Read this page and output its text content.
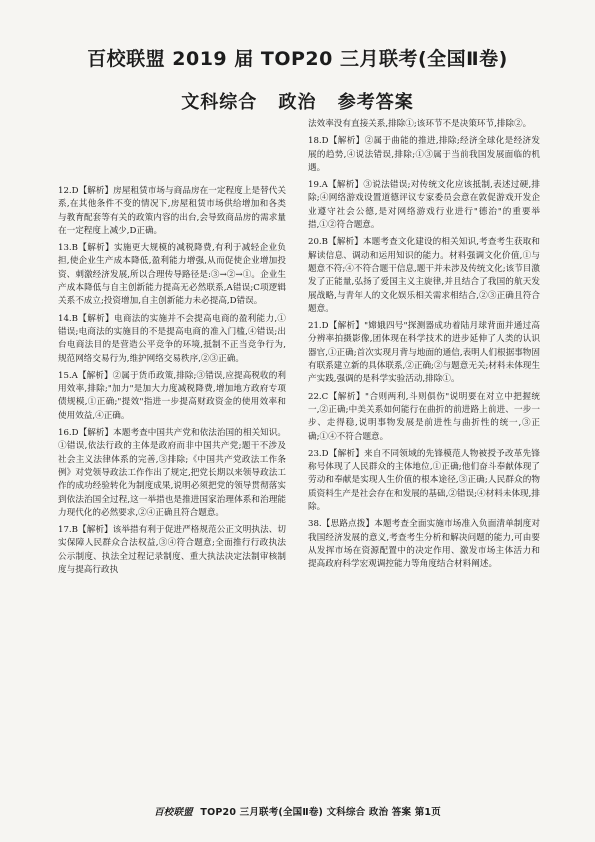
百校联盟 2019 届 TOP20 三月联考(全国Ⅱ卷)
文科综合 政治 参考答案

12.D【解析】房屋租赁市场与商品房在一定程度上是替代关系,在其他条件不变的情况下,房屋租赁市场供给增加和各类与教育配套等有关的政策内容的出台,会导致商品房的需求量在一定程度上减少,D正确。

13.B【解析】实施更大规模的减税降费,有利于减轻企业负担,使企业生产成本降低,盈利能力增强,从而促使企业增加投资、刺激经济发展,所以合理传导路径是:③→②→①。企业生产成本降低与自主创新能力提高无必然联系,A错误;C项逻辑关系不成立;投资增加,自主创新能力未必提高,D错误。

14.B【解析】电商法的实施并不会提高电商的盈利能力,①错误;电商法的实施目的不是提高电商的准入门槛,④错误;出台电商法目的是营造公平竞争的环境,抵制不正当竞争行为,规范网络交易行为,维护网络交易秩序,②③正确。

15.A【解析】②属于货币政策,排除;③错误,应提高税收的利用效率,排除;"加力"是加大力度减税降费,增加地方政府专项债规模,①正确;"提效"指进一步提高财政资金的使用效率和使用效益,④正确。

16.D【解析】本题考查中国共产党和依法治国的相关知识。①错误,依法行政的主体是政府而非中国共产党;题干不涉及社会主义法律体系的完善,③排除;《中国共产党政法工作条例》对党领导政法工作作出了规定,把党长期以来领导政法工作的成功经验转化为制度成果,说明必须把党的领导贯彻落实到依法治国全过程,这一举措也是推进国家治理体系和治理能力现代化的必然要求,②④正确且符合题意。

17.B【解析】该举措有利于促进严格规范公正文明执法、切实保障人民群众合法权益,③④符合题意;全面推行行政执法公示制度、执法全过程记录制度、重大执法决定法制审核制度与提高行政执

法效率没有直接关系,排除①;该环节不是决策环节,排除②。

18.D【解析】②属于曲能的推进,排除;经济全球化是经济发展的趋势,④说法错误,排除;①③属于当前我国发展面临的机遇。

19.A【解析】③说法错误;对传统文化应该抵制,表述过硬,排除;④网络游戏设置道德评议专家委员会意在敦促游戏开发企业遵守社会公德,是对网络游戏行业进行"德治"的重要举措,①②符合题意。

20.B【解析】本题考查文化建设的相关知识,考查考生获取和解读信息、调动和运用知识的能力。材料强调文化价值,①与题意不符;④不符合题干信息,题干并未涉及传统文化;该节目激发了正能量,弘扬了爱国主义主旋律,并且结合了我国的航天发展战略,与青年人的文化娱乐相关需求相结合,②③正确且符合题意。

21.D【解析】"嫦娥四号"探测器成功着陆月球背面并通过高分辨率拍摄影像,团体现在科学技术的进步延伸了人类的认识器官,①正确;首次实现月背与地面的通信,表明人们根据事物固有联系建立新的具体联系,②正确;②与题意无关;材料未体现生产实践,强调的是科学实验活动,排除①。

22.C【解析】"合则两利,斗则俱伤"说明要在对立中把握统一,②正确;中美关系如何能行在曲折的前进路上前进、一步一步、走得稳,说明事物发展是前进性与曲折性的统一,③正确;①④不符合题意。

23.D【解析】来自不同领域的先锋模范人物被授予改革先锋称号体现了人民群众的主体地位,①正确;他们奋斗奉献体现了劳动和奉献是实现人生价值的根本途径,③正确;人民群众的物质资料生产是社会存在和发展的基础,②错误;④材料未体现,排除。

38.【思路点拨】本题考查全面实施市场准入负面清单制度对我国经济发展的意义,考查考生分析和解决问题的能力,可由要从发挥市场在资源配置中的决定作用、激发市场主体活力和提高政府科学宏观调控能力等角度结合材料阐述。

百校联盟 TOP20 三月联考(全国Ⅱ卷) 文科综合 政治 答案 第1页
